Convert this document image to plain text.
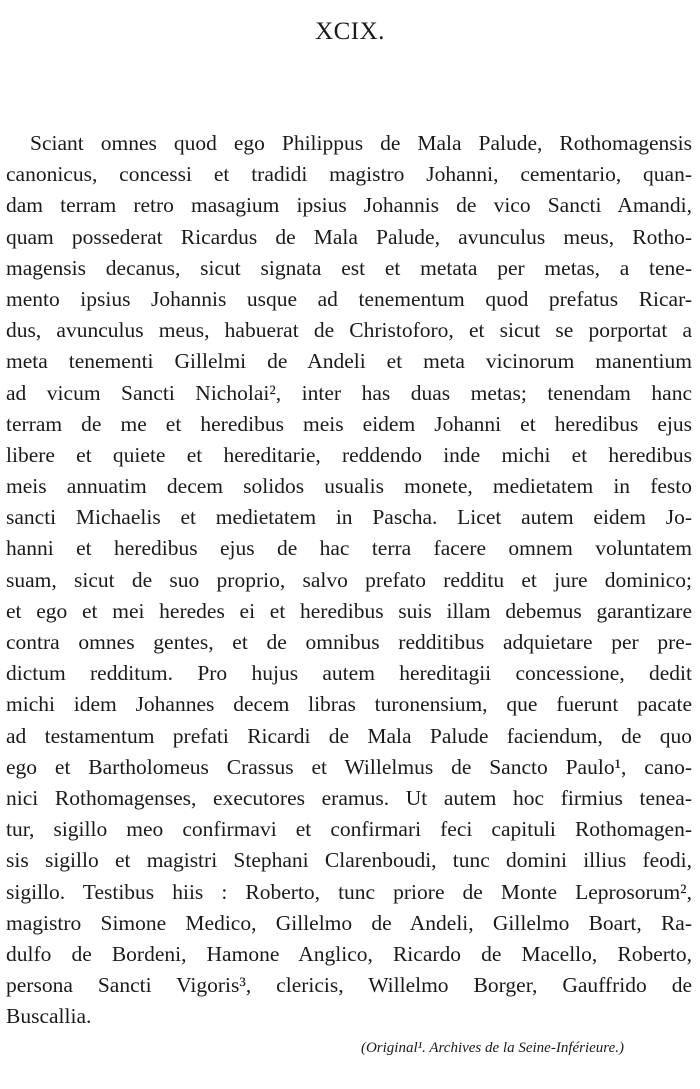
XCIX.
Sciant omnes quod ego Philippus de Mala Palude, Rothomagensis
canonicus, concessi et tradidi magistro Johanni, cementario, quan-
dam terram retro masagium ipsius Johannis de vico Sancti Amandi,
quam possederat Ricardus de Mala Palude, avunculus meus, Rotho-
magensis decanus, sicut signata est et metata per metas, a tene-
mento ipsius Johannis usque ad tenementum quod prefatus Ricar-
dus, avunculus meus, habuerat de Christoforo, et sicut se porportat a
meta tenementi Gillelmi de Andeli et meta vicinorum manentium
ad vicum Sancti Nicholai², inter has duas metas; tenendam hanc
terram de me et heredibus meis eidem Johanni et heredibus ejus
libere et quiete et hereditarie, reddendo inde michi et heredibus
meis annuatim decem solidos usualis monete, medietatem in festo
sancti Michaelis et medietatem in Pascha. Licet autem eidem Jo-
hanni et heredibus ejus de hac terra facere omnem voluntatem
suam, sicut de suo proprio, salvo prefato redditu et jure dominico;
et ego et mei heredes ei et heredibus suis illam debemus garantizare
contra omnes gentes, et de omnibus redditibus adquietare per pre-
dictum redditum. Pro hujus autem hereditagii concessione, dedit
michi idem Johannes decem libras turonensium, que fuerunt pacate
ad testamentum prefati Ricardi de Mala Palude faciendum, de quo
ego et Bartholomeus Crassus et Willelmus de Sancto Paulo¹, cano-
nici Rothomagenses, executores eramus. Ut autem hoc firmius tenea-
tur, sigillo meo confirmavi et confirmari feci capituli Rothomagen-
sis sigillo et magistri Stephani Clarenboudi, tunc domini illius feodi,
sigillo. Testibus hiis : Roberto, tunc priore de Monte Leprosorum²,
magistro Simone Medico, Gillelmo de Andeli, Gillelmo Boart, Ra-
dulfo de Bordeni, Hamone Anglico, Ricardo de Macello, Roberto,
persona Sancti Vigoris³, clericis, Willelmo Borger, Gauffrido de
Buscallia.
(Original¹. Archives de la Seine-Inférieure.)
